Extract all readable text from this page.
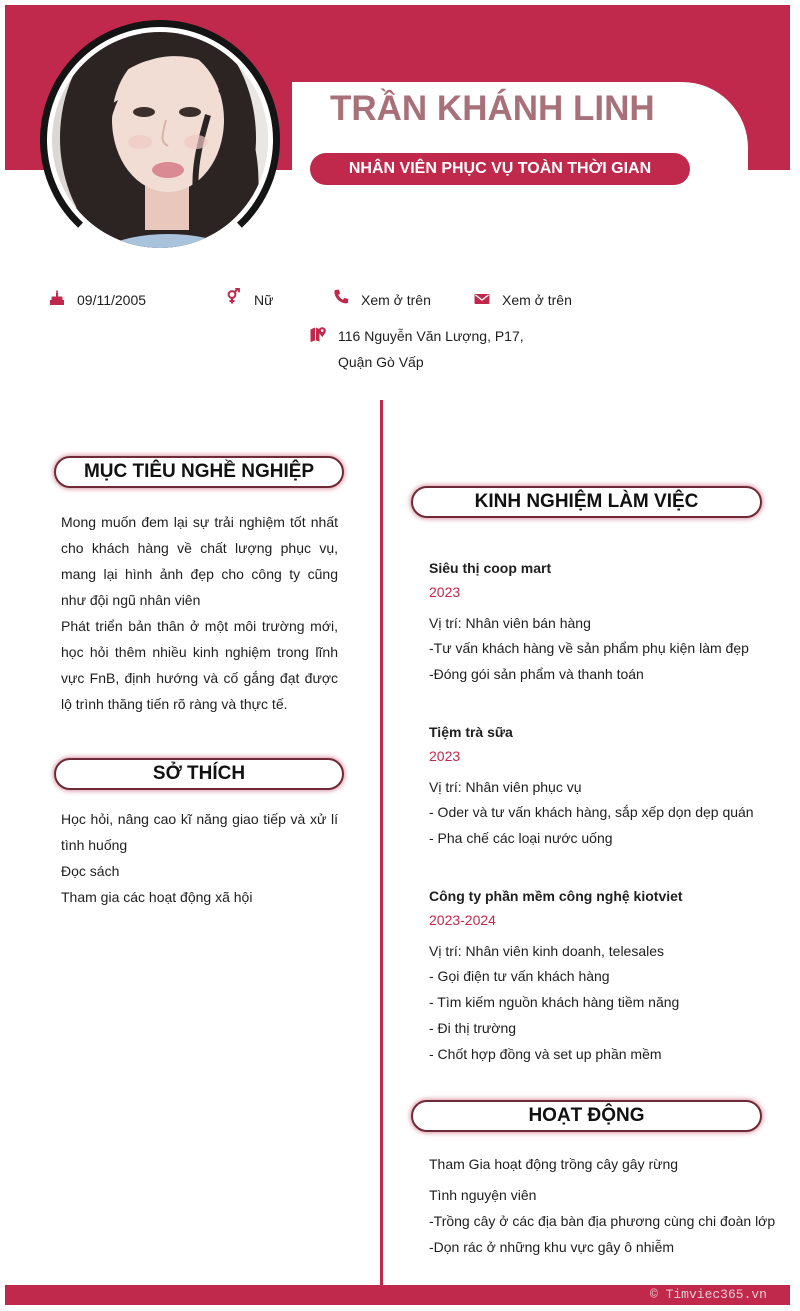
TRẦN KHÁNH LINH
NHÂN VIÊN PHỤC VỤ TOÀN THỜI GIAN
09/11/2005	Nữ	Xem ở trên	Xem ở trên
116 Nguyễn Văn Lượng, P17,
Quận Gò Vấp
MỤC TIÊU NGHỀ NGHIỆP

Mong muốn đem lại sự trải nghiệm tốt nhất cho khách hàng về chất lượng phục vụ, mang lại hình ảnh đẹp cho công ty cũng như đội ngũ nhân viên

Phát triển bản thân ở một môi trường mới, học hỏi thêm nhiều kinh nghiệm trong lĩnh vực FnB, định hướng và cố gắng đạt được lộ trình thăng tiến rõ ràng và thực tế.

SỞ THÍCH
Học hỏi, nâng cao kĩ năng giao tiếp và xử lí tình huống
Đọc sách
Tham gia các hoạt động xã hội
KINH NGHIỆM LÀM VIỆC
Siêu thị coop mart
2023
Vị trí: Nhân viên bán hàng
-Tư vấn khách hàng về sản phẩm phụ kiện làm đẹp
-Đóng gói sản phẩm và thanh toán
Tiệm trà sữa
2023
Vị trí: Nhân viên phục vụ
- Oder và tư vấn khách hàng, sắp xếp dọn dẹp quán
- Pha chế các loại nước uống
Công ty phần mềm công nghệ kiotviet
2023-2024
Vị trí: Nhân viên kinh doanh, telesales
- Gọi điện tư vấn khách hàng
- Tìm kiếm nguồn khách hàng tiềm năng
- Đi thị trường
- Chốt hợp đồng và set up phần mềm
HOẠT ĐỘNG
Tham Gia hoạt động trồng cây gây rừng
Tình nguyện viên
-Trồng cây ở các địa bàn địa phương cùng chi đoàn lớp
-Dọn rác ở những khu vực gây ô nhiễm
© Timviec365.vn
